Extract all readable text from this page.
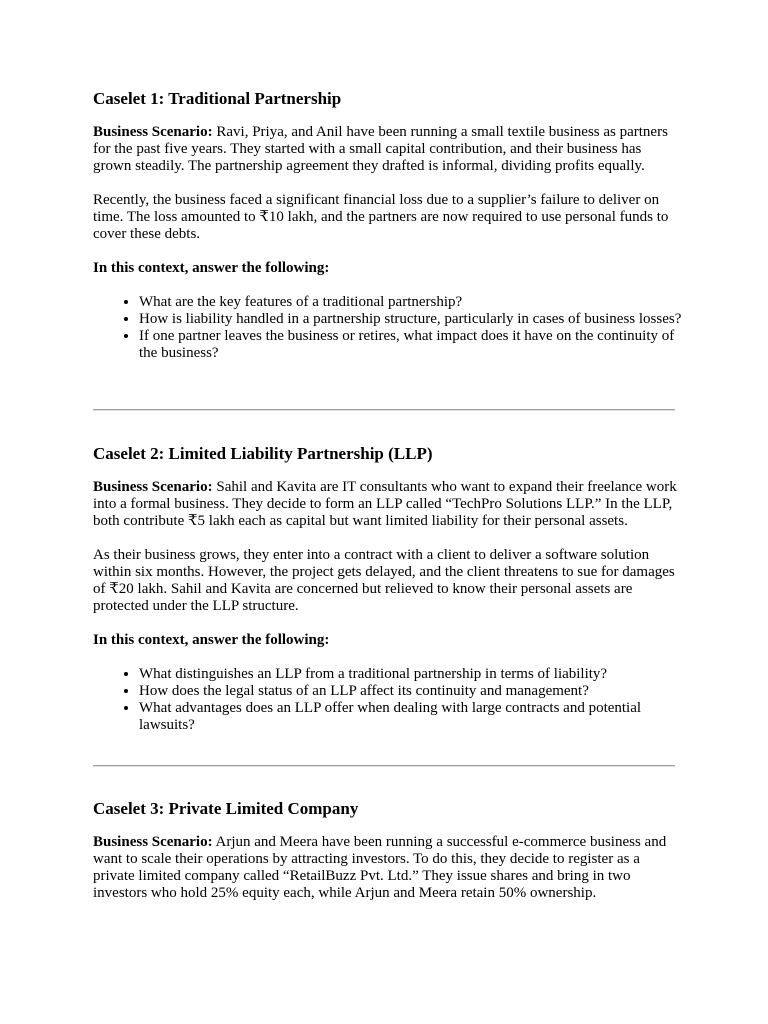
Caselet 1: Traditional Partnership

Business Scenario: Ravi, Priya, and Anil have been running a small textile business as partners for the past five years. They started with a small capital contribution, and their business has grown steadily. The partnership agreement they drafted is informal, dividing profits equally.

Recently, the business faced a significant financial loss due to a supplier’s failure to deliver on time. The loss amounted to ₹10 lakh, and the partners are now required to use personal funds to cover these debts.

In this context, answer the following:

• What are the key features of a traditional partnership?
• How is liability handled in a partnership structure, particularly in cases of business losses?
• If one partner leaves the business or retires, what impact does it have on the continuity of the business?
Caselet 2: Limited Liability Partnership (LLP)

Business Scenario: Sahil and Kavita are IT consultants who want to expand their freelance work into a formal business. They decide to form an LLP called “TechPro Solutions LLP.” In the LLP, both contribute ₹5 lakh each as capital but want limited liability for their personal assets.

As their business grows, they enter into a contract with a client to deliver a software solution within six months. However, the project gets delayed, and the client threatens to sue for damages of ₹20 lakh. Sahil and Kavita are concerned but relieved to know their personal assets are protected under the LLP structure.

In this context, answer the following:

• What distinguishes an LLP from a traditional partnership in terms of liability?
• How does the legal status of an LLP affect its continuity and management?
• What advantages does an LLP offer when dealing with large contracts and potential lawsuits?
Caselet 3: Private Limited Company

Business Scenario: Arjun and Meera have been running a successful e-commerce business and want to scale their operations by attracting investors. To do this, they decide to register as a private limited company called “RetailBuzz Pvt. Ltd.” They issue shares and bring in two investors who hold 25% equity each, while Arjun and Meera retain 50% ownership.
